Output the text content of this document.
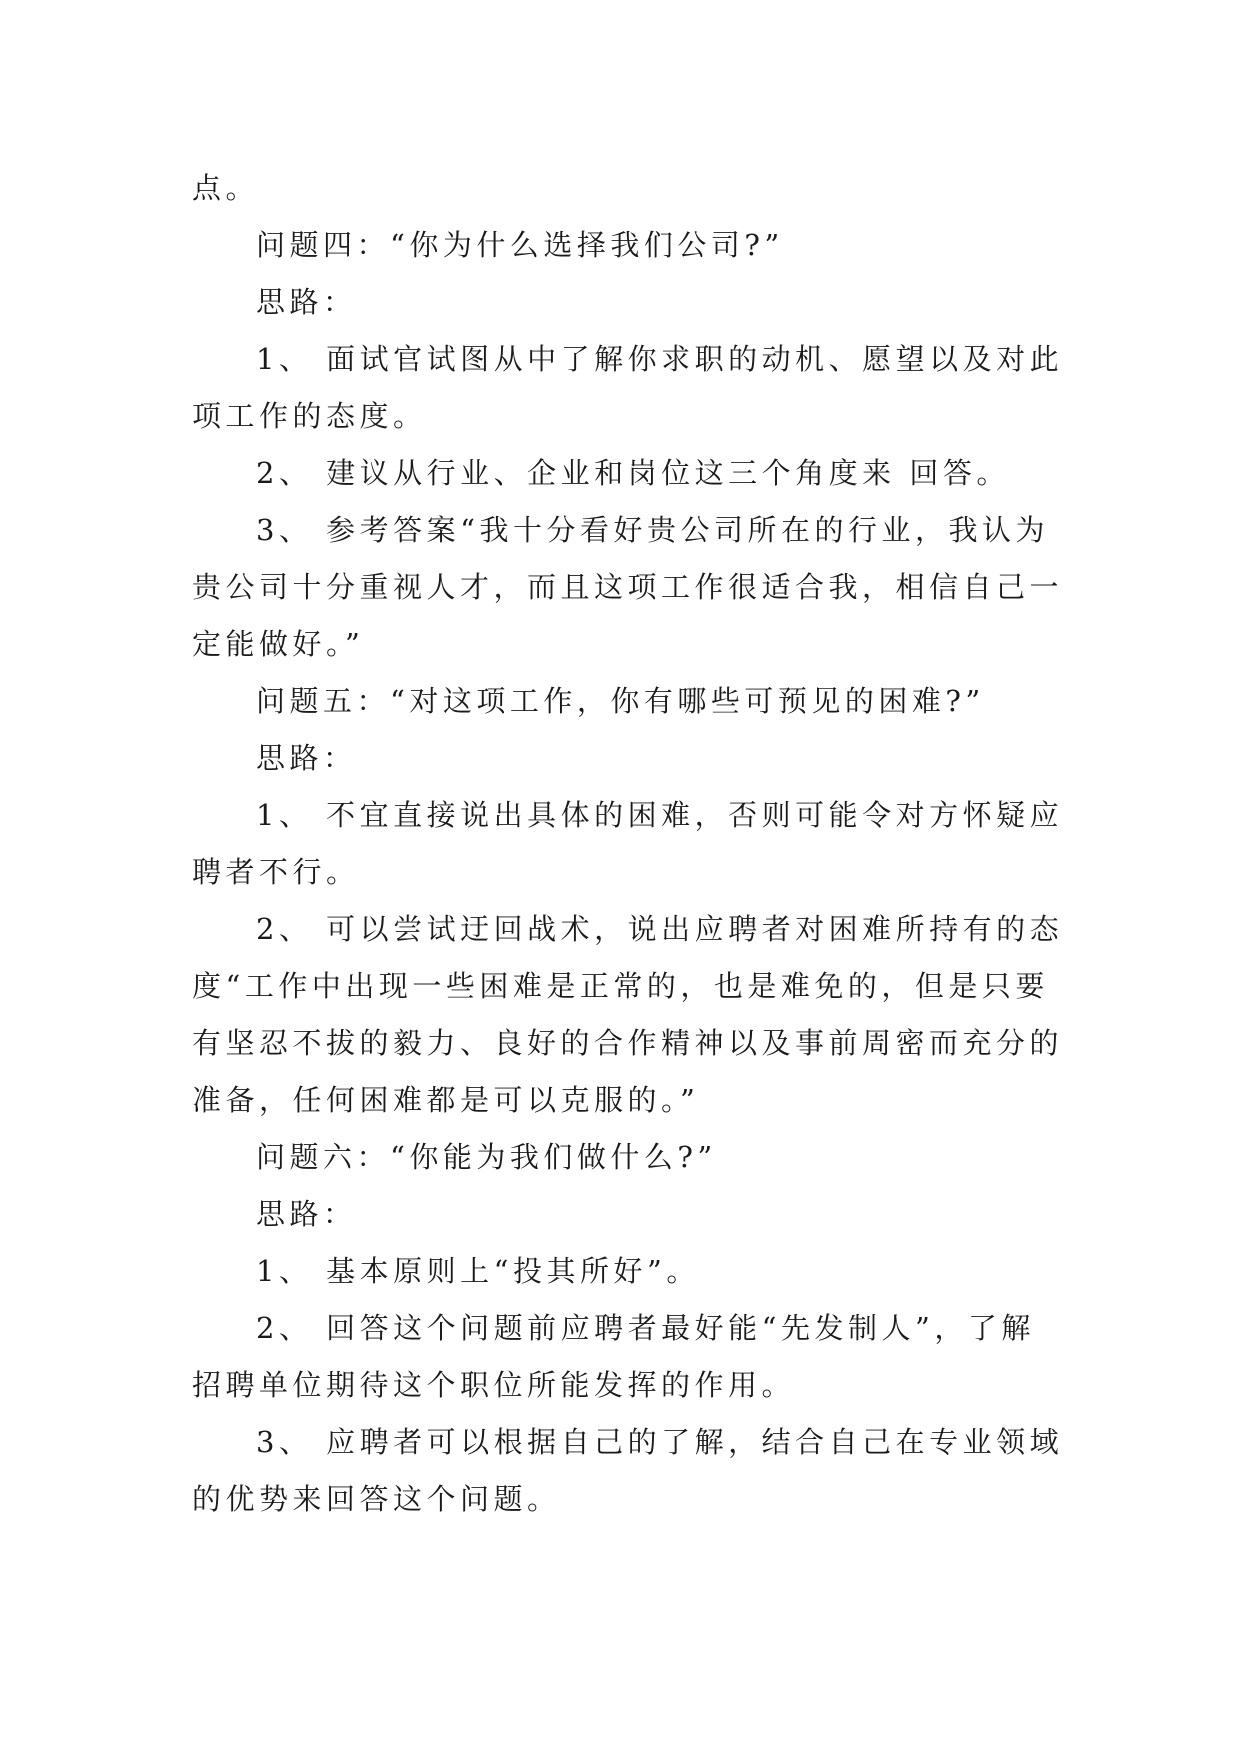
点。
问题四：“你为什么选择我们公司?”
思路：
1、 面试官试图从中了解你求职的动机、愿望以及对此
项工作的态度。
2、 建议从行业、企业和岗位这三个角度来 回答。
3、 参考答案“我十分看好贵公司所在的行业，我认为
贵公司十分重视人才，而且这项工作很适合我，相信自己一
定能做好。”
问题五：“对这项工作，你有哪些可预见的困难?”
思路：
1、 不宜直接说出具体的困难，否则可能令对方怀疑应
聘者不行。
2、 可以尝试迂回战术，说出应聘者对困难所持有的态
度“工作中出现一些困难是正常的，也是难免的，但是只要
有坚忍不拔的毅力、良好的合作精神以及事前周密而充分的
准备，任何困难都是可以克服的。”
问题六：“你能为我们做什么?”
思路：
1、 基本原则上“投其所好”。
2、 回答这个问题前应聘者最好能“先发制人”，了解
招聘单位期待这个职位所能发挥的作用。
3、 应聘者可以根据自己的了解，结合自己在专业领域
的优势来回答这个问题。
